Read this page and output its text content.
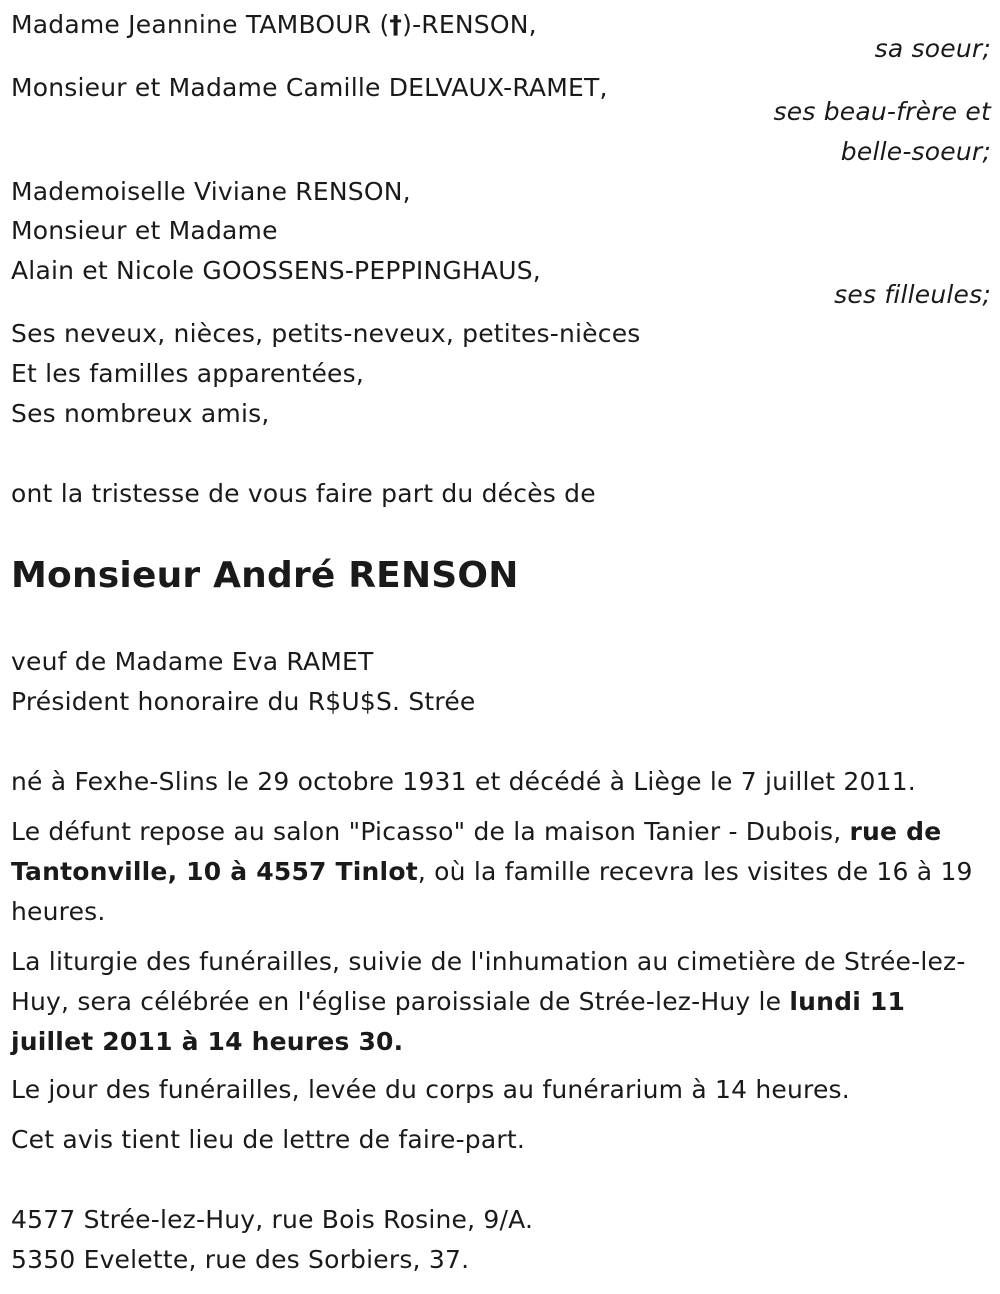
Madame Jeannine TAMBOUR (†)-RENSON,
sa soeur;
Monsieur et Madame Camille DELVAUX-RAMET,
ses beau-frère et
belle-soeur;
Mademoiselle Viviane RENSON,
Monsieur et Madame
Alain et Nicole GOOSSENS-PEPPINGHAUS,
ses filleules;
Ses neveux, nièces, petits-neveux, petites-nièces
Et les familles apparentées,
Ses nombreux amis,
ont la tristesse de vous faire part du décès de
Monsieur André RENSON
veuf de Madame Eva RAMET
Président honoraire du R$U$S. Strée
né à Fexhe-Slins le 29 octobre 1931 et décédé à Liège le 7 juillet 2011.
Le défunt repose au salon "Picasso" de la maison Tanier - Dubois, rue de Tantonville, 10 à 4557 Tinlot, où la famille recevra les visites de 16 à 19 heures.
La liturgie des funérailles, suivie de l'inhumation au cimetière de Strée-lez-Huy, sera célébrée en l'église paroissiale de Strée-lez-Huy le lundi 11 juillet 2011 à 14 heures 30.
Le jour des funérailles, levée du corps au funérarium à 14 heures.
Cet avis tient lieu de lettre de faire-part.
4577 Strée-lez-Huy, rue Bois Rosine, 9/A.
5350 Evelette, rue des Sorbiers, 37.
